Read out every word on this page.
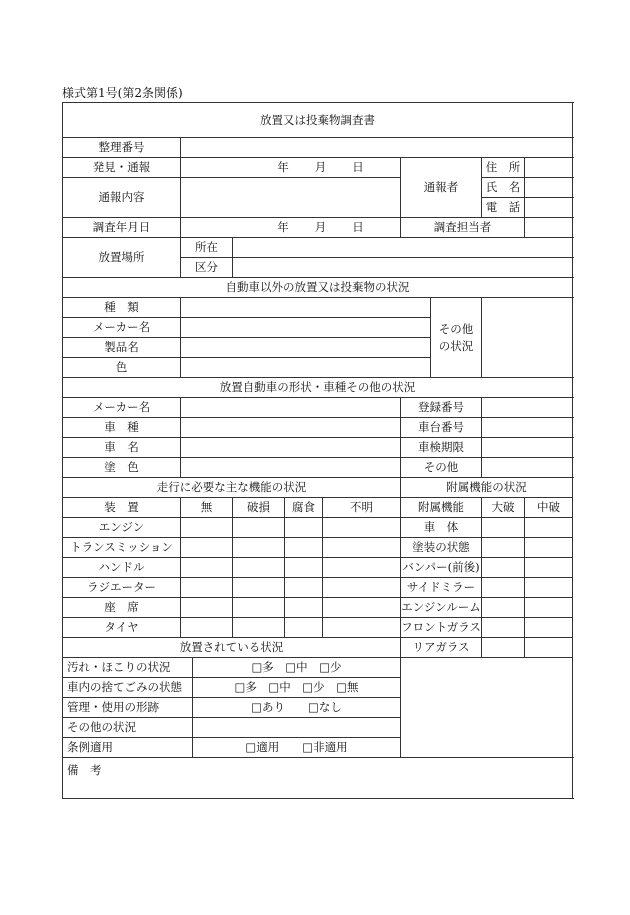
様式第1号(第2条関係)
放置又は投棄物調査書										
整理番号										
発見・通報	年 月 日					通報者		住　所		
通報内容								氏　名		
								電　話		
調査年月日	年 月 日					調査担当者				
放置場所	所在									
	区分									
自動車以外の放置又は投棄物の状況										
種　類							その他の状況			
メーカー名										
製品名										
色										
放置自動車の形状・車種その他の状況										
メーカー名						登録番号				
車　種						車台番号				
車　名						車検期限				
塗　色						その他				
走行に必要な主な機能の状況						附属機能の状況				
装　置	無		破損	腐食	不明	附属機能		大破	中破	
エンジン						車　体				
トランスミッション						塗装の状態				
ハンドル						バンパー(前後)				
ラジエーター						サイドミラー				
座　席						エンジンルーム				
タイヤ						フロントガラス				
放置されている状況						リアガラス				
汚れ・ほこりの状況		□多　□中　□少								
車内の捨てごみの状態		□多　□中　□少　□無								
管理・使用の形跡		□あり　　□なし								
その他の状況										
条例適用		□適用　　□非適用								
備　考										
